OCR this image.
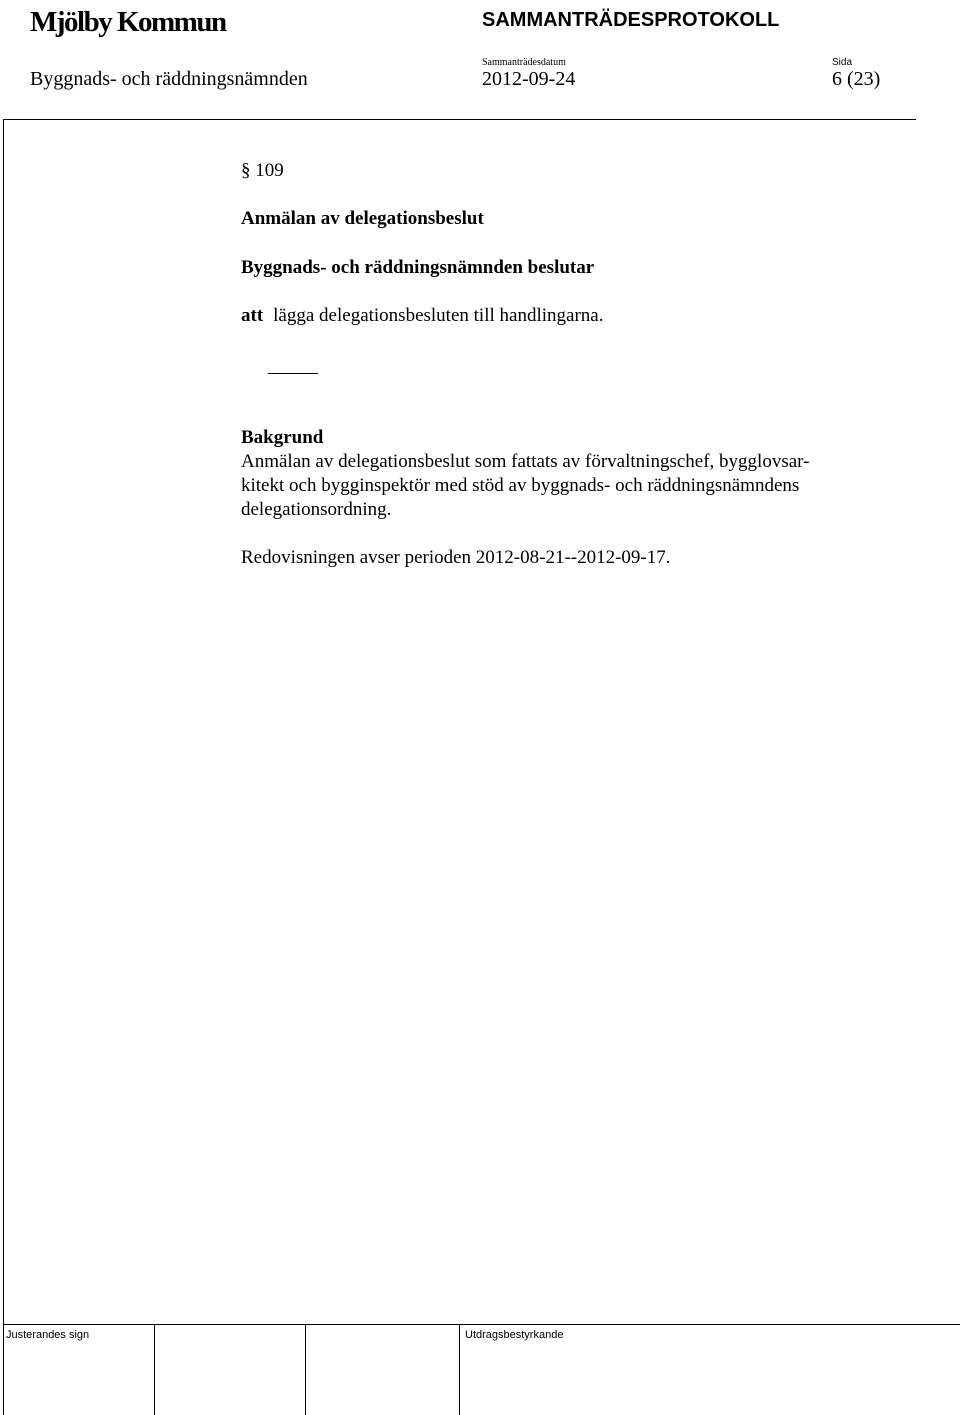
Mjölby Kommun	SAMMANTRÄDESPROTOKOLL
Sammanträdesdatum	Sida
Byggnads- och räddningsnämnden	2012-09-24	6 (23)
§ 109
Anmälan av delegationsbeslut
Byggnads- och räddningsnämnden beslutar
att lägga delegationsbesluten till handlingarna.
Bakgrund
Anmälan av delegationsbeslut som fattats av förvaltningschef, bygglovsar-
kitekt och bygginspektör med stöd av byggnads- och räddningsnämndens
delegationsordning.
Redovisningen avser perioden 2012-08-21--2012-09-17.
Justerandes sign	Utdragsbestyrkande
